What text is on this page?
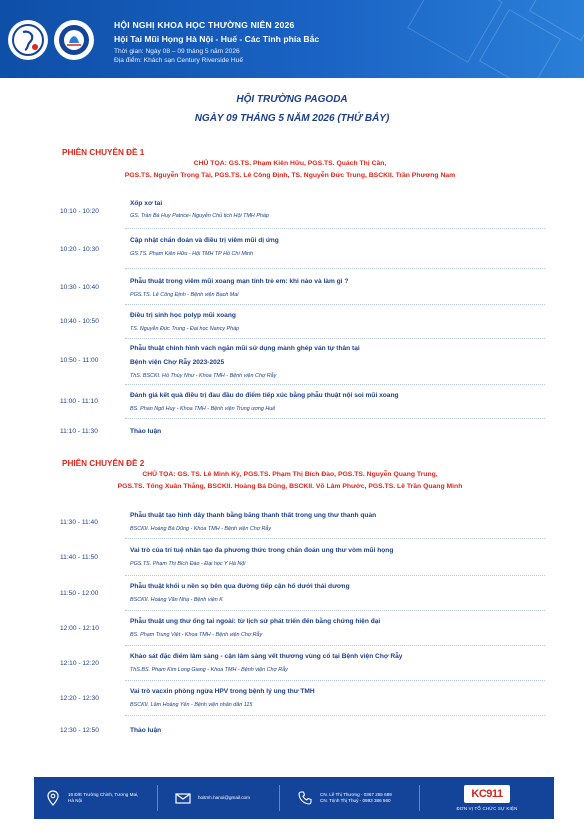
HỘI NGHỊ KHOA HỌC THƯỜNG NIÊN 2026
Hội Tai Mũi Họng Hà Nội - Huế - Các Tỉnh phía Bắc
Thời gian: Ngày 08 – 09 tháng 5 năm 2026
Địa điểm: Khách sạn Century Riverside Huế
HỘI TRƯỜNG PAGODA
NGÀY 09 THÁNG 5 NĂM 2026 (THỨ BẢY)
PHIÊN CHUYÊN ĐỀ 1
CHỦ TỌA: GS.TS. Phạm Kiên Hữu, PGS.TS. Quách Thị Cần,
PGS.TS. Nguyễn Trọng Tài, PGS.TS. Lê Công Định, TS. Nguyễn Đức Trung, BSCKII. Trần Phương Nam
10:10 - 10:20
Xốp xơ tai
GS. Trần Bá Huy Patrice- Nguyễn Chủ tịch Hội TMH Pháp
10:20 - 10:30
Cập nhật chẩn đoán và điều trị viêm mũi dị ứng
GS.TS. Phạm Kiên Hữu - Hội TMH TP Hồ Chí Minh
10:30 - 10:40
Phẫu thuật trong viêm mũi xoang mạn tính trẻ em: khi nào và làm gì ?
PGS.TS. Lê Công Định - Bệnh viện Bạch Mai
10:40 - 10:50
Điều trị sinh học polyp mũi xoang
TS. Nguyễn Đức Trung - Đại học Nancy Pháp
10:50 - 11:00
Phẫu thuật chỉnh hình vách ngăn mũi sử dụng mảnh ghép ván tự thân tại
Bệnh viện Chợ Rẫy 2023-2025
ThS. BSCKI. Hồ Thùy Như - Khoa TMH - Bệnh viện Chợ Rẫy
11:00 - 11:10
Đánh giá kết quả điều trị đau đầu do điểm tiếp xúc bằng phẫu thuật nội soi mũi xoang
BS. Phan Ngô Huy - Khoa TMH - Bệnh viện Trung ương Huế
11:10 - 11:30	Thảo luận
PHIÊN CHUYÊN ĐỀ 2
CHỦ TỌA: GS. TS. Lê Minh Kỳ, PGS.TS. Phạm Thị Bích Đào, PGS.TS. Nguyễn Quang Trung,
PGS.TS. Tống Xuân Thắng, BSCKII. Hoàng Bá Dũng, BSCKII. Võ Lâm Phước, PGS.TS. Lê Trần Quang Minh
11:30 - 11:40
Phẫu thuật tạo hình dây thanh bằng băng thanh thất trong ung thư thanh quản
BSCKII. Hoàng Bá Dũng - Khoa TMH - Bệnh viện Chợ Rẫy
11:40 - 11:50
Vai trò của trí tuệ nhân tạo đa phương thức trong chẩn đoán ung thư vòm mũi họng
PGS.TS. Phạm Thị Bích Đào - Đại học Y Hà Nội
11:50 - 12:00
Phẫu thuật khối u nền sọ bên qua đường tiếp cận hố dưới thái dương
BSCKII. Hoàng Văn Nhạ - Bệnh viện K
12:00 - 12:10
Phẫu thuật ung thư ống tai ngoài: từ lịch sử phát triển đến bằng chứng hiện đại
BS. Phạm Trung Việt - Khoa TMH - Bệnh viện Chợ Rẫy
12:10 - 12:20
Khảo sát đặc điểm lâm sàng - cận lâm sàng vết thương vùng cổ tại Bệnh viện Chợ Rẫy
ThS.BS. Phạm Kim Long Giang - Khoa TMH - Bệnh viện Chợ Rẫy
12:20 - 12:30
Vai trò vacxin phòng ngừa HPV trong bệnh lý ung thư TMH
BSCKII. Lâm Hoàng Yến - Bệnh viện nhân dân 115
12:30 - 12:50	Thảo luận
16 Đ/E Trường Chinh, Tương Mai,
Hà Nội
hoitmh.hanoi@gmail.com
CN. Lê Thị Thương - 0367 255 689
CN. Trịnh Thị Thuý - 0983 386 560
KC911
ĐƠN VỊ TỔ CHỨC SỰ KIỆN
